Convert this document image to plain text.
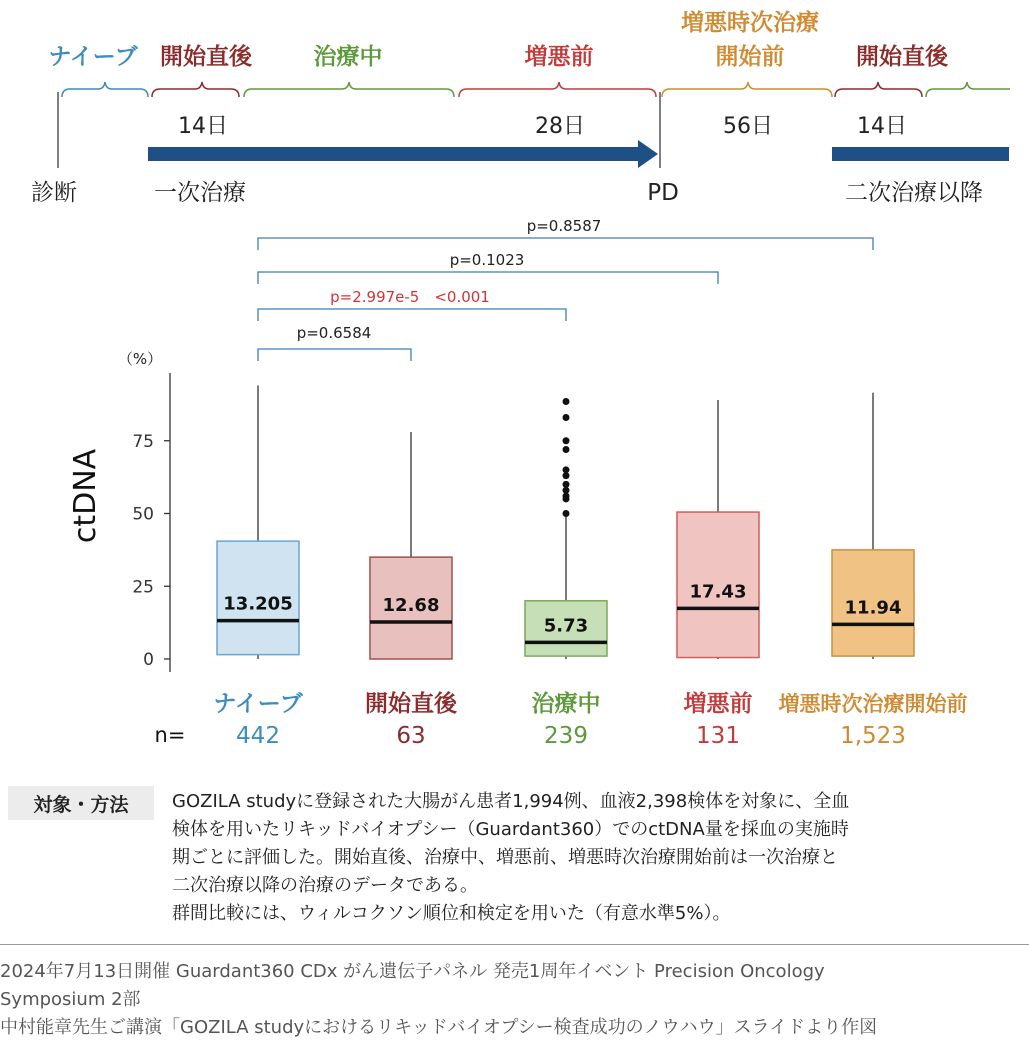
ナイーブ 開始直後	治療中	増悪前
増悪時次治療
開始前	開始直後
14日	28日	56日	14日
診断	一次治療	PD	二次治療以降
p=0.8587
p=0.1023
p=2.997e-5　<0.001
p=0.6584
（%）
ctDNA
0
25
50
75
13.205	12.68
5.73
17.43
11.94
ナイーブ
442
開始直後
63
治療中
239
増悪前
131
増悪時次治療開始前
1,523
n=
対象・方法	GOZILA studyに登録された大腸がん患者1,994例、血液2,398検体を対象に、全血

検体を用いたリキッドバイオプシー（Guardant360）でのctDNA量を採血の実施時

期ごとに評価した。開始直後、治療中、増悪前、増悪時次治療開始前は一次治療と

二次治療以降の治療のデータである。

群間比較には、ウィルコクソン順位和検定を用いた（有意水準5%）。

2024年7月13日開催 Guardant360 CDx がん遺伝子パネル 発売1周年イベント Precision Oncology

Symposium 2部

中村能章先生ご講演「GOZILA studyにおけるリキッドバイオプシー検査成功のノウハウ」スライドより作図
